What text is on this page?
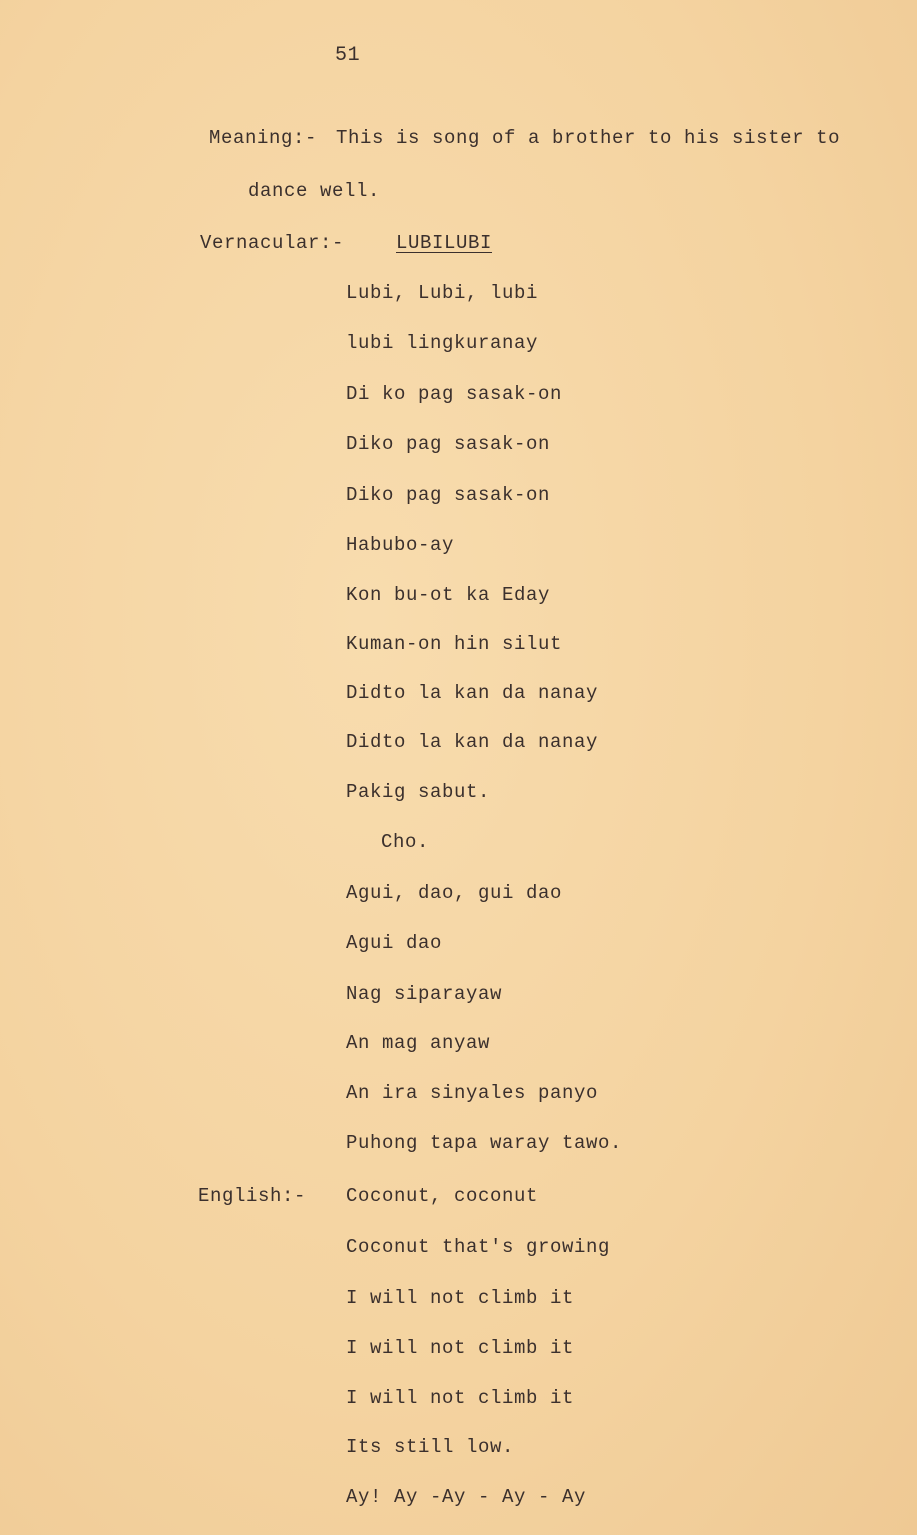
51
Meaning:- This is song of a brother to his sister to
dance well.
Vernacular:-	LUBILUBI
Lubi, Lubi, lubi
lubi lingkuranay
Di ko pag sasak-on
Diko pag sasak-on
Diko pag sasak-on
Habubo-ay
Kon bu-ot ka Eday
Kuman-on hin silut
Didto la kan da nanay
Didto la kan da nanay
Pakig sabut.
Cho.
Agui, dao, gui dao
Agui dao
Nag siparayaw
An mag anyaw
An ira sinyales panyo
Puhong tapa waray tawo.
English:- Coconut, coconut
Coconut that's growing
I will not climb it
I will not climb it
I will not climb it
Its still low.
Ay! Ay -Ay - Ay - Ay
